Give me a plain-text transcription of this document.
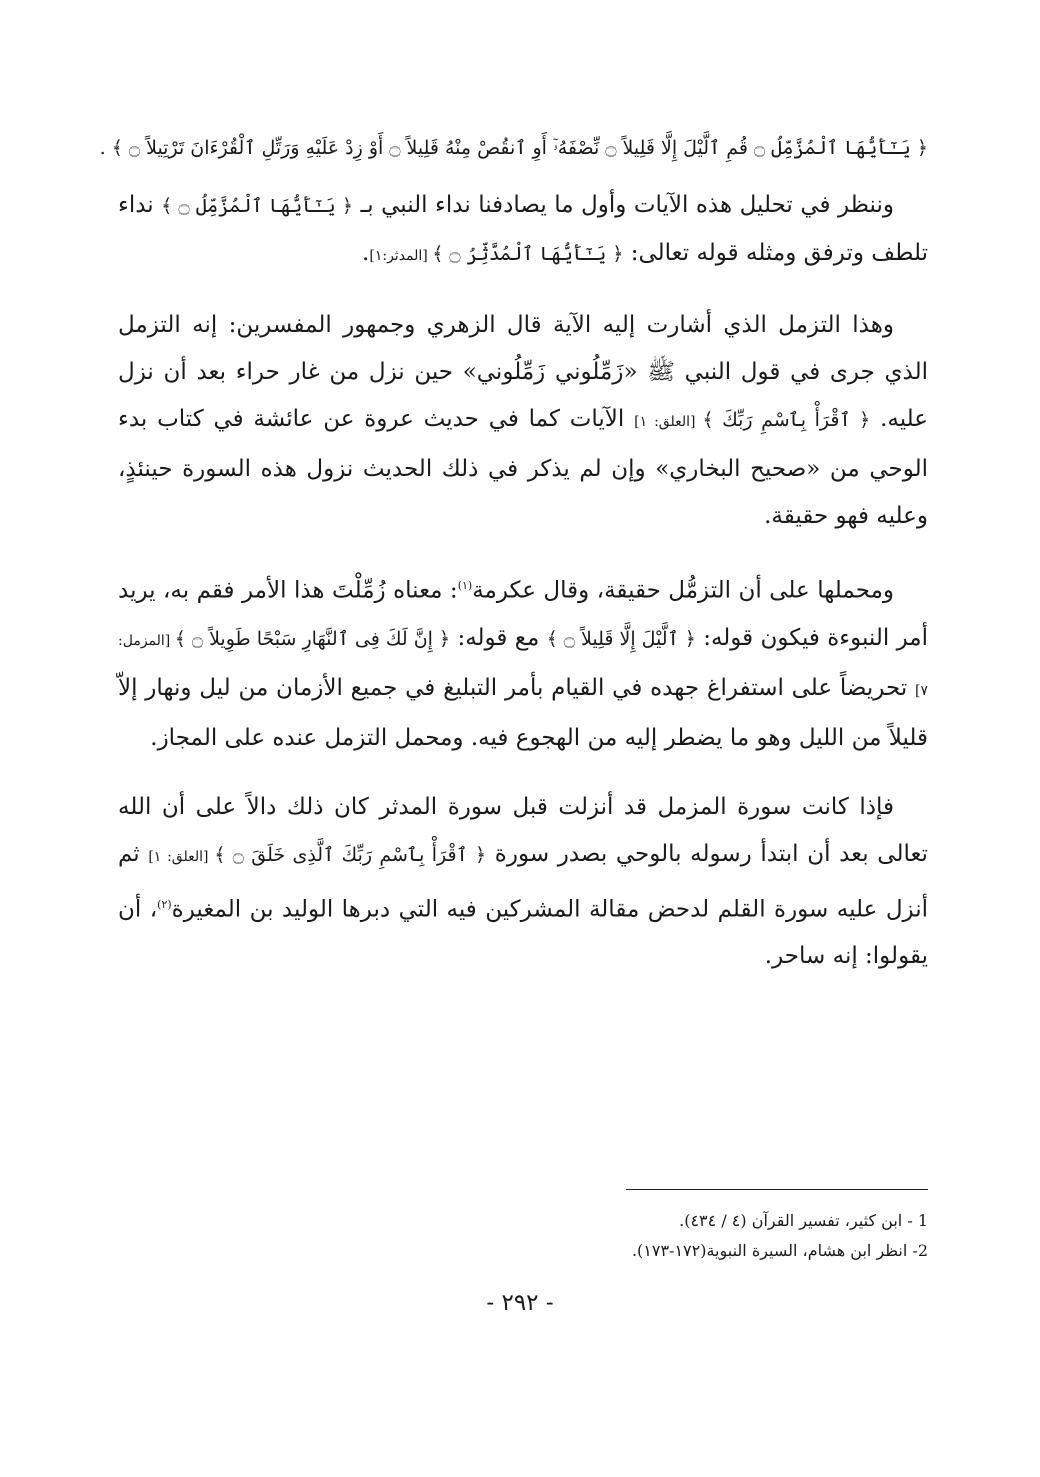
﴿ يَـٰٓأَيُّهَا ٱلْمُزَّمِّلُ ۝ قُمِ ٱلَّيْلَ إِلَّا قَلِيلاً ۝ نِّصْفَهُۥٓ أَوِ ٱنقُصْ مِنْهُ قَلِيلاً ۝ أَوْ زِدْ عَلَيْهِ وَرَتِّلِ ٱلْقُرْءَانَ تَرْتِيلاً ۝ ﴾ .

وننظر في تحليل هذه الآيات وأول ما يصادفنا نداء النبي بـ ﴿ يَـٰٓأَيُّهَا ٱلْمُزَّمِّلُ ۝ ﴾ نداء تلطف وترفق ومثله قوله تعالى: ﴿ يَـٰٓأَيُّهَا ٱلْمُدَّثِّرُ ۝ ﴾ [المدثر:١].

وهذا التزمل الذي أشارت إليه الآية قال الزهري وجمهور المفسرين: إنه التزمل الذي جرى في قول النبي ﷺ «زَمِّلُوني زَمِّلُوني» حين نزل من غار حراء بعد أن نزل عليه. ﴿ ٱقْرَأْ بِٱسْمِ رَبِّكَ ﴾ [العلق: ١] الآيات كما في حديث عروة عن عائشة في كتاب بدء الوحي من «صحيح البخاري» وإن لم يذكر في ذلك الحديث نزول هذه السورة حينئذٍ، وعليه فهو حقيقة.

ومحملها على أن التزمُّل حقيقة، وقال عكرمة$^{(١)}$: معناه زُمِّلْتَ هذا الأمر فقم به، يريد أمر النبوءة فيكون قوله: ﴿ ٱلَّيْلَ إِلَّا قَلِيلاً ۝ ﴾ مع قوله: ﴿ إِنَّ لَكَ فِى ٱلنَّهَارِ سَبْحًا طَوِيلاً ۝ ﴾ [المزمل: ٧] تحريضاً على استفراغ جهده في القيام بأمر التبليغ في جميع الأزمان من ليل ونهار إلاّ قليلاً من الليل وهو ما يضطر إليه من الهجوع فيه. ومحمل التزمل عنده على المجاز.

فإذا كانت سورة المزمل قد أنزلت قبل سورة المدثر كان ذلك دالاً على أن الله تعالى بعد أن ابتدأ رسوله بالوحي بصدر سورة ﴿ ٱقْرَأْ بِٱسْمِ رَبِّكَ ٱلَّذِى خَلَقَ ۝ ﴾ [العلق: ١] ثم أنزل عليه سورة القلم لدحض مقالة المشركين فيه التي دبرها الوليد بن المغيرة$^{(٢)}$، أن يقولوا: إنه ساحر.

1 - ابن كثير، تفسير القرآن (٤ / ٤٣٤).

2- انظر ابن هشام، السيرة النبوية(١٧٢-١٧٣).

- ٢٩٢ -
